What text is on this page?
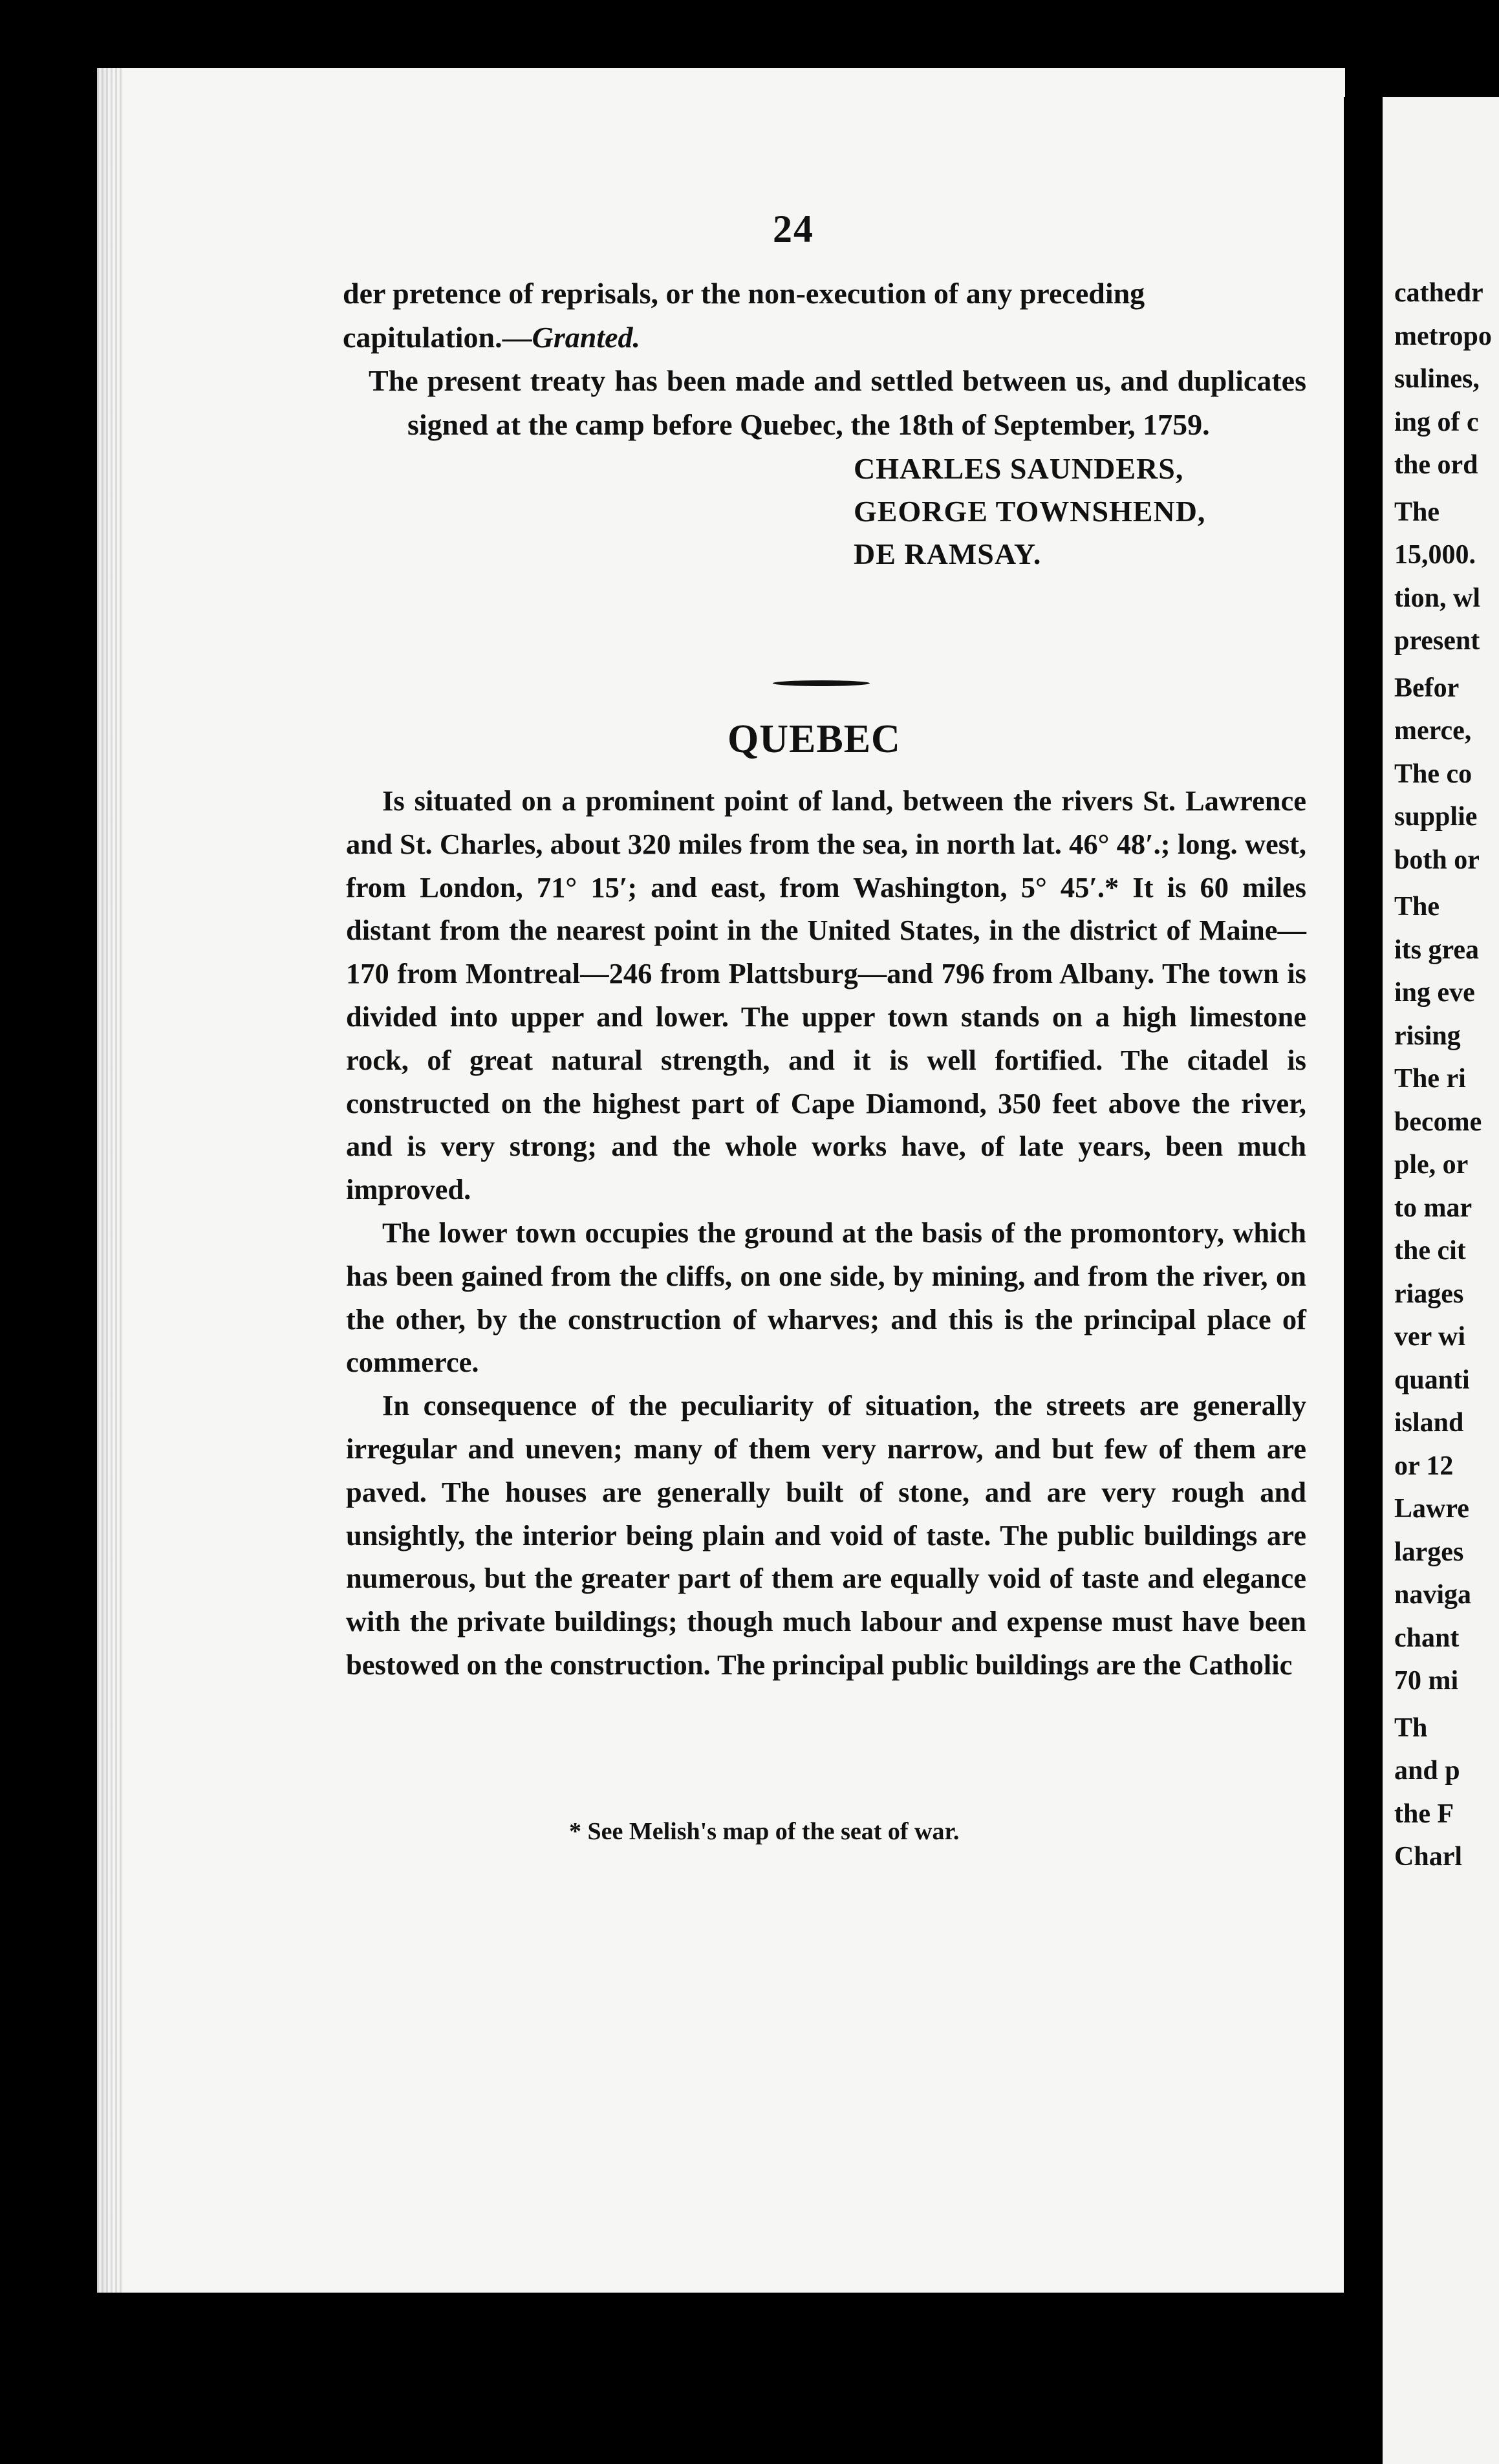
cathedr
metropo
sulines,
ing of c
the ord
The
15,000.
tion, wl
present
Befor
merce,
The co
supplie
both or
The
its grea
ing eve
rising
The ri
become
ple, or
to mar
the cit
riages
ver wi
quanti
island
or 12
Lawre
larges
naviga
chant
70 mi
Th
and p
the F
Charl
24

der pretence of reprisals, or the non-execution of any preceding

capitulation.—Granted.

The present treaty has been made and settled between us, and duplicates signed at the camp before Quebec, the 18th of September, 1759.

CHARLES SAUNDERS,
GEORGE TOWNSHEND,
DE RAMSAY.
QUEBEC

Is situated on a prominent point of land, between the rivers St. Lawrence and St. Charles, about 320 miles from the sea, in north lat. 46° 48′.; long. west, from London, 71° 15′; and east, from Washington, 5° 45′.* It is 60 miles distant from the nearest point in the United States, in the district of Maine—170 from Montreal—246 from Plattsburg—and 796 from Albany. The town is divided into upper and lower. The upper town stands on a high limestone rock, of great natural strength, and it is well fortified. The citadel is constructed on the highest part of Cape Diamond, 350 feet above the river, and is very strong; and the whole works have, of late years, been much improved.

The lower town occupies the ground at the basis of the promontory, which has been gained from the cliffs, on one side, by mining, and from the river, on the other, by the construction of wharves; and this is the principal place of commerce.

In consequence of the peculiarity of situation, the streets are generally irregular and uneven; many of them very narrow, and but few of them are paved. The houses are generally built of stone, and are very rough and unsightly, the interior being plain and void of taste. The public buildings are numerous, but the greater part of them are equally void of taste and elegance with the private buildings; though much labour and expense must have been bestowed on the construction. The principal public buildings are the Catholic

* See Melish's map of the seat of war.
